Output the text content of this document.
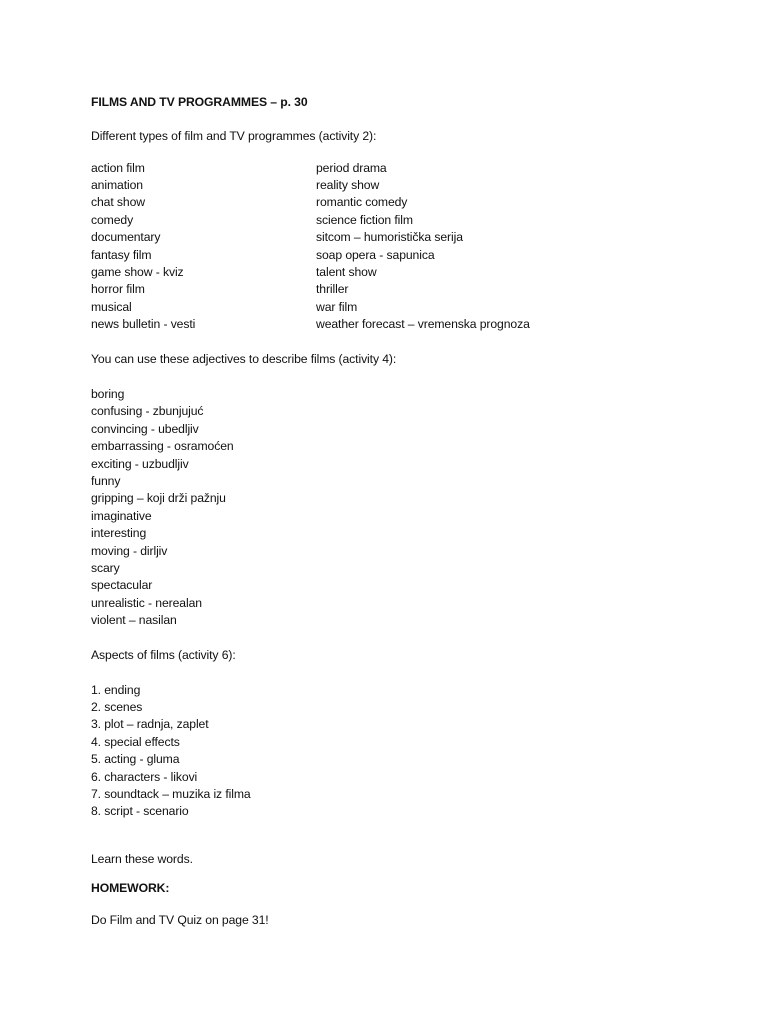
FILMS AND TV PROGRAMMES – p. 30
Different types of film and TV programmes (activity 2):
action film
animation
chat show
comedy
documentary
fantasy film
game show - kviz
horror film
musical
news bulletin - vesti
period drama
reality show
romantic comedy
science fiction film
sitcom – humoristička serija
soap opera - sapunica
talent show
thriller
war film
weather forecast – vremenska prognoza
You can use these adjectives to describe films (activity 4):
boring
confusing - zbunjujuć
convincing - ubedljiv
embarrassing - osramoćen
exciting - uzbudljiv
funny
gripping – koji drži pažnju
imaginative
interesting
moving - dirljiv
scary
spectacular
unrealistic - nerealan
violent – nasilan
Aspects of films (activity 6):
1. ending
2. scenes
3. plot – radnja, zaplet
4. special effects
5. acting - gluma
6. characters - likovi
7. soundtack – muzika iz filma
8. script - scenario
Learn these words.
HOMEWORK:
Do Film and TV Quiz on page 31!
